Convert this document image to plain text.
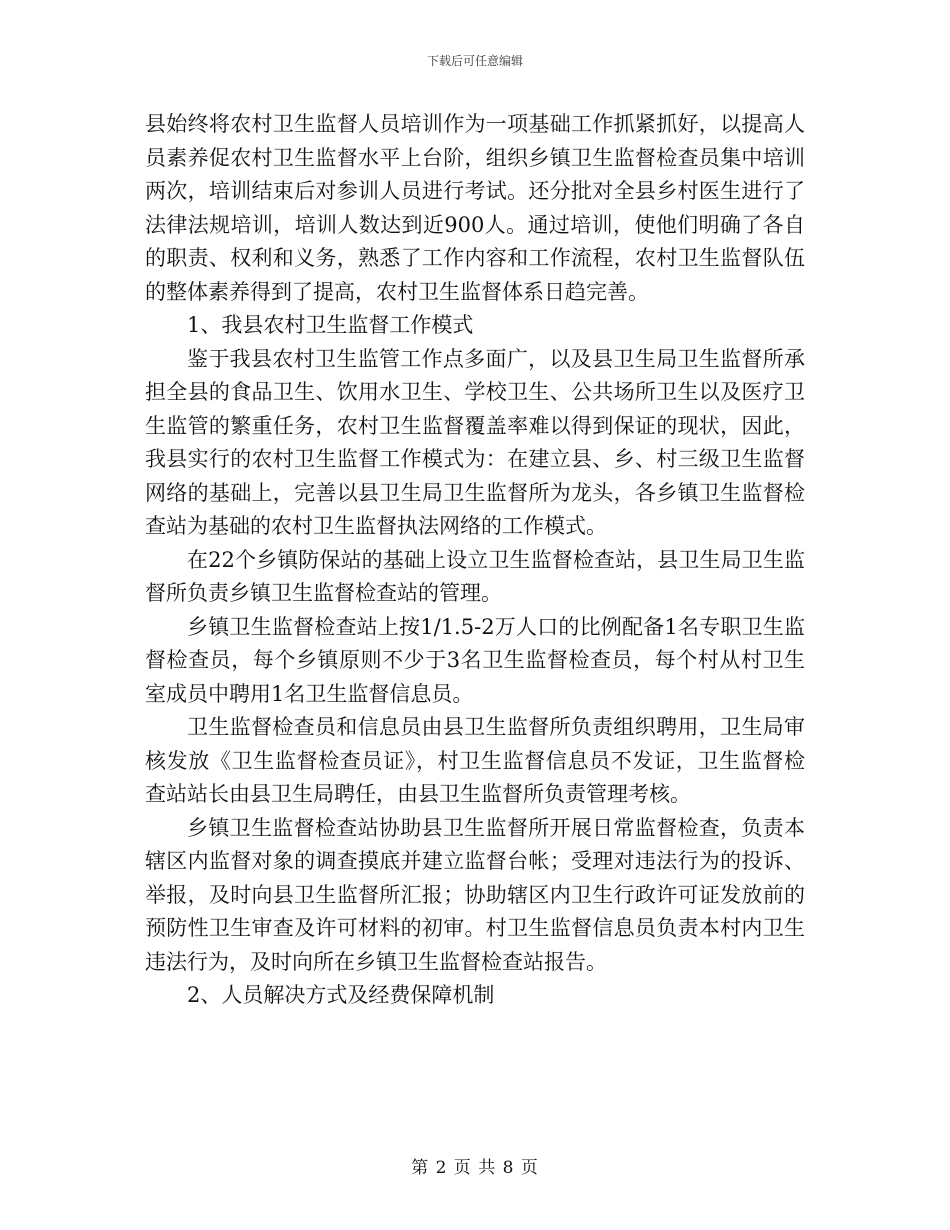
下载后可任意编辑

县始终将农村卫生监督人员培训作为一项基础工作抓紧抓好，以提高人员素养促农村卫生监督水平上台阶，组织乡镇卫生监督检查员集中培训两次，培训结束后对参训人员进行考试。还分批对全县乡村医生进行了法律法规培训，培训人数达到近900人。通过培训，使他们明确了各自的职责、权利和义务，熟悉了工作内容和工作流程，农村卫生监督队伍的整体素养得到了提高，农村卫生监督体系日趋完善。

1、我县农村卫生监督工作模式

鉴于我县农村卫生监管工作点多面广，以及县卫生局卫生监督所承担全县的食品卫生、饮用水卫生、学校卫生、公共场所卫生以及医疗卫生监管的繁重任务，农村卫生监督覆盖率难以得到保证的现状，因此，我县实行的农村卫生监督工作模式为：在建立县、乡、村三级卫生监督网络的基础上，完善以县卫生局卫生监督所为龙头，各乡镇卫生监督检查站为基础的农村卫生监督执法网络的工作模式。

在22个乡镇防保站的基础上设立卫生监督检查站，县卫生局卫生监督所负责乡镇卫生监督检查站的管理。

乡镇卫生监督检查站上按1/1.5-2万人口的比例配备1名专职卫生监督检查员，每个乡镇原则不少于3名卫生监督检查员，每个村从村卫生室成员中聘用1名卫生监督信息员。

卫生监督检查员和信息员由县卫生监督所负责组织聘用，卫生局审核发放《卫生监督检查员证》，村卫生监督信息员不发证，卫生监督检查站站长由县卫生局聘任，由县卫生监督所负责管理考核。

乡镇卫生监督检查站协助县卫生监督所开展日常监督检查，负责本辖区内监督对象的调查摸底并建立监督台帐；受理对违法行为的投诉、举报，及时向县卫生监督所汇报；协助辖区内卫生行政许可证发放前的预防性卫生审查及许可材料的初审。村卫生监督信息员负责本村内卫生违法行为，及时向所在乡镇卫生监督检查站报告。

2、人员解决方式及经费保障机制

第 2 页 共 8 页
